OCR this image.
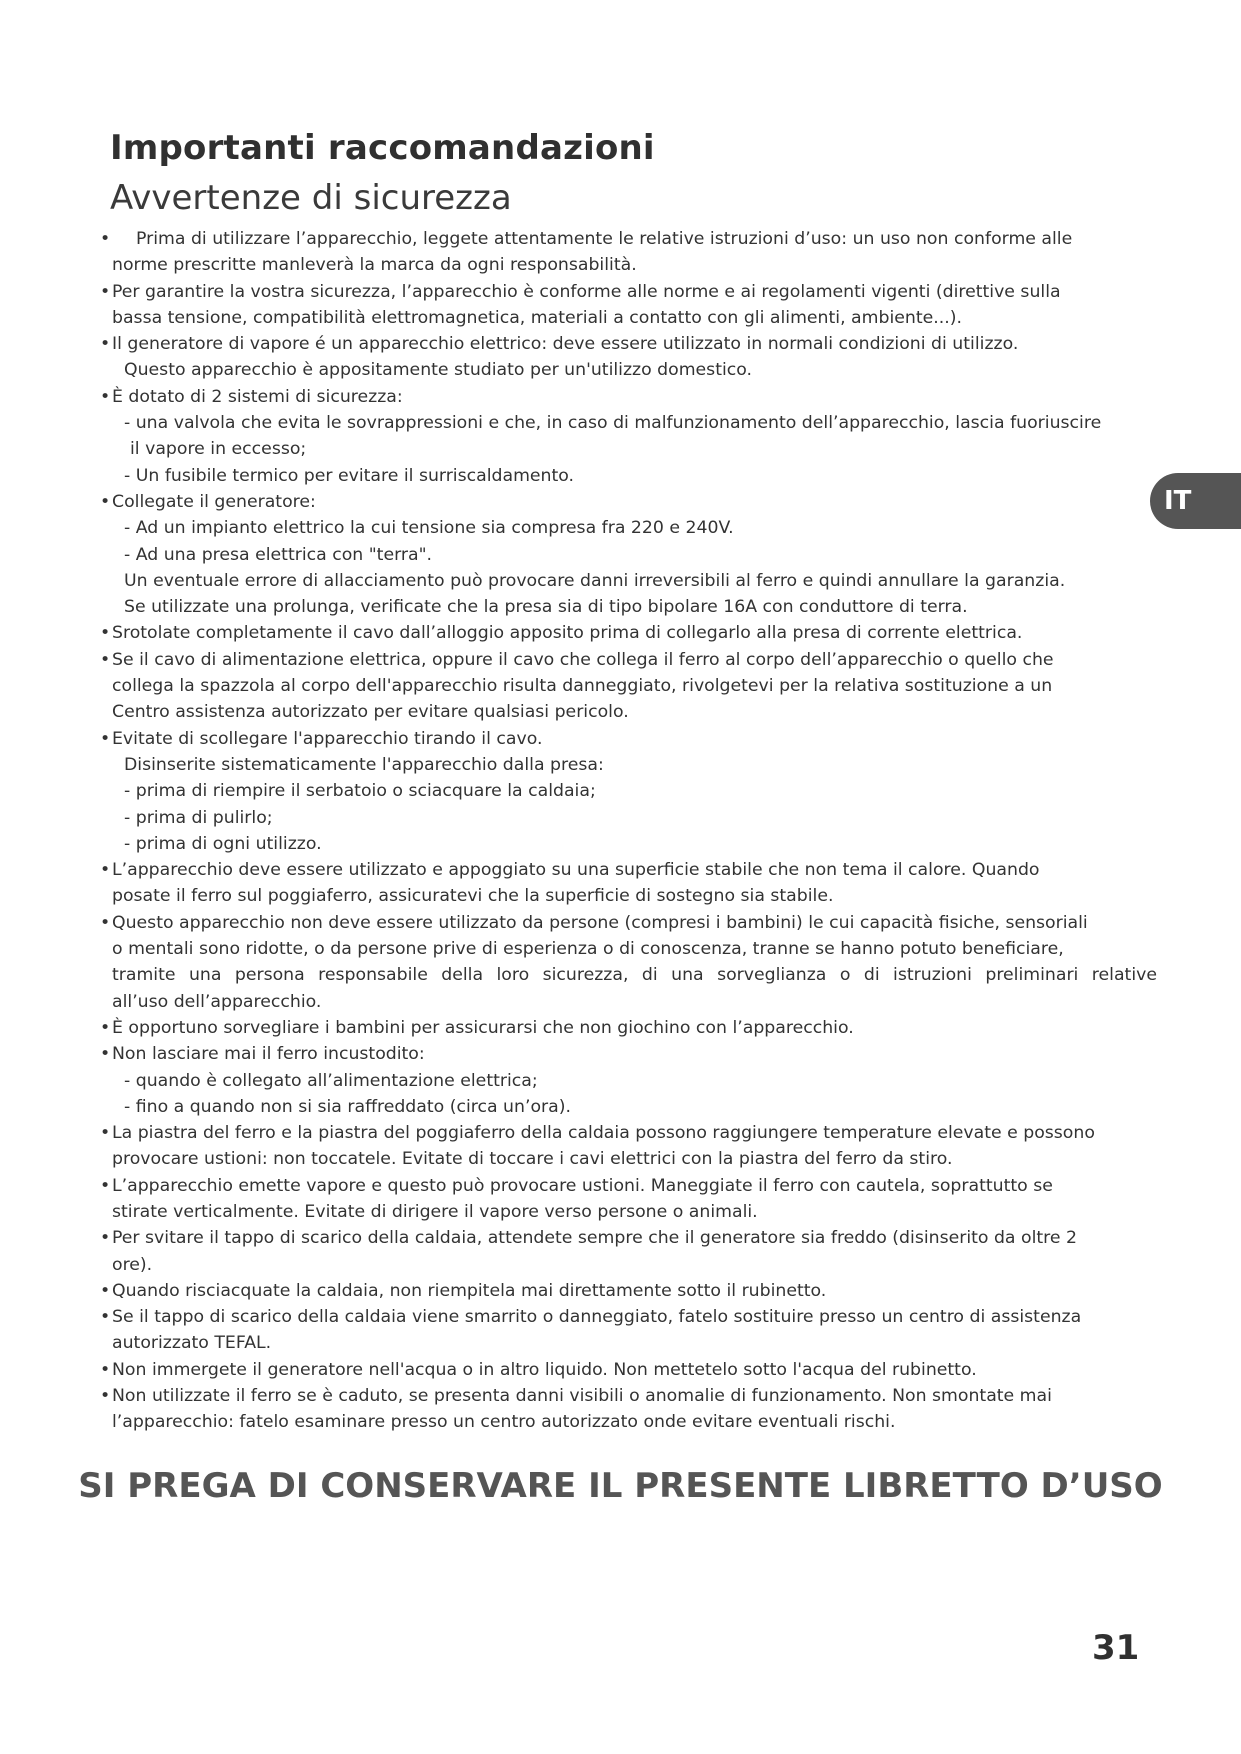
Importanti raccomandazioni
Avvertenze di sicurezza
IT
• Prima di utilizzare l’apparecchio, leggete attentamente le relative istruzioni d’uso: un uso non conforme alle
norme prescritte manleverà la marca da ogni responsabilità.
• Per garantire la vostra sicurezza, l’apparecchio è conforme alle norme e ai regolamenti vigenti (direttive sulla
bassa tensione, compatibilità elettromagnetica, materiali a contatto con gli alimenti, ambiente...).
• Il generatore di vapore é un apparecchio elettrico: deve essere utilizzato in normali condizioni di utilizzo.
Questo apparecchio è appositamente studiato per un'utilizzo domestico.
• È dotato di 2 sistemi di sicurezza:
- una valvola che evita le sovrappressioni e che, in caso di malfunzionamento dell’apparecchio, lascia fuoriuscire
il vapore in eccesso;
- Un fusibile termico per evitare il surriscaldamento.
• Collegate il generatore:
- Ad un impianto elettrico la cui tensione sia compresa fra 220 e 240V.
- Ad una presa elettrica con "terra".
Un eventuale errore di allacciamento può provocare danni irreversibili al ferro e quindi annullare la garanzia.
Se utilizzate una prolunga, verificate che la presa sia di tipo bipolare 16A con conduttore di terra.
• Srotolate completamente il cavo dall’alloggio apposito prima di collegarlo alla presa di corrente elettrica.
• Se il cavo di alimentazione elettrica, oppure il cavo che collega il ferro al corpo dell’apparecchio o quello che
collega la spazzola al corpo dell'apparecchio risulta danneggiato, rivolgetevi per la relativa sostituzione a un
Centro assistenza autorizzato per evitare qualsiasi pericolo.
• Evitate di scollegare l'apparecchio tirando il cavo.
Disinserite sistematicamente l'apparecchio dalla presa:
- prima di riempire il serbatoio o sciacquare la caldaia;
- prima di pulirlo;
- prima di ogni utilizzo.
• L’apparecchio deve essere utilizzato e appoggiato su una superficie stabile che non tema il calore. Quando
posate il ferro sul poggiaferro, assicuratevi che la superficie di sostegno sia stabile.
• Questo apparecchio non deve essere utilizzato da persone (compresi i bambini) le cui capacità fisiche, sensoriali
o mentali sono ridotte, o da persone prive di esperienza o di conoscenza, tranne se hanno potuto beneficiare,
tramite una persona responsabile della loro sicurezza, di una sorveglianza o di istruzioni preliminari relative
all’uso dell’apparecchio.
• È opportuno sorvegliare i bambini per assicurarsi che non giochino con l’apparecchio.
• Non lasciare mai il ferro incustodito:
- quando è collegato all’alimentazione elettrica;
- fino a quando non si sia raffreddato (circa un’ora).
• La piastra del ferro e la piastra del poggiaferro della caldaia possono raggiungere temperature elevate e possono
provocare ustioni: non toccatele. Evitate di toccare i cavi elettrici con la piastra del ferro da stiro.
• L’apparecchio emette vapore e questo può provocare ustioni. Maneggiate il ferro con cautela, soprattutto se
stirate verticalmente. Evitate di dirigere il vapore verso persone o animali.
• Per svitare il tappo di scarico della caldaia, attendete sempre che il generatore sia freddo (disinserito da oltre 2
ore).
• Quando risciacquate la caldaia, non riempitela mai direttamente sotto il rubinetto.
• Se il tappo di scarico della caldaia viene smarrito o danneggiato, fatelo sostituire presso un centro di assistenza
autorizzato TEFAL.
• Non immergete il generatore nell'acqua o in altro liquido. Non mettetelo sotto l'acqua del rubinetto.
• Non utilizzate il ferro se è caduto, se presenta danni visibili o anomalie di funzionamento. Non smontate mai
l’apparecchio: fatelo esaminare presso un centro autorizzato onde evitare eventuali rischi.
SI PREGA DI CONSERVARE IL PRESENTE LIBRETTO D’USO
31
